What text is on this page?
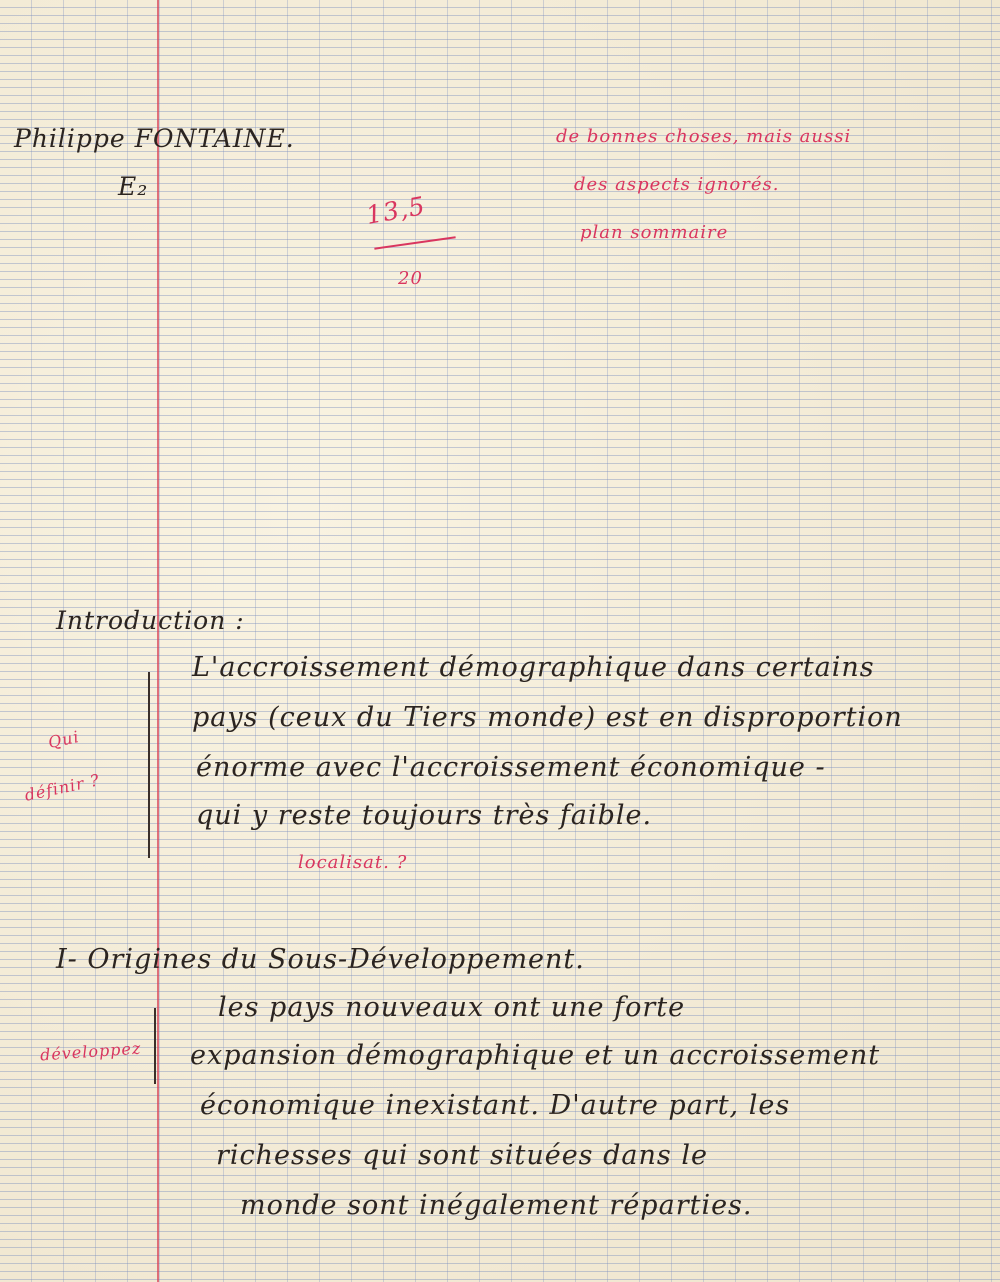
Philippe FONTAINE.
E₂
13,5
20
de bonnes choses, mais aussi
des aspects ignorés.
plan sommaire
Introduction :
Qui
définir ?
L'accroissement démographique dans certains
pays (ceux du Tiers monde) est en disproportion
énorme avec l'accroissement économique -
qui y reste toujours très faible.
localisat. ?
I- Origines du Sous-Développement.
développez
les pays nouveaux ont une forte
expansion démographique et un accroissement
économique inexistant. D'autre part, les
richesses qui sont situées dans le
monde sont inégalement réparties.
